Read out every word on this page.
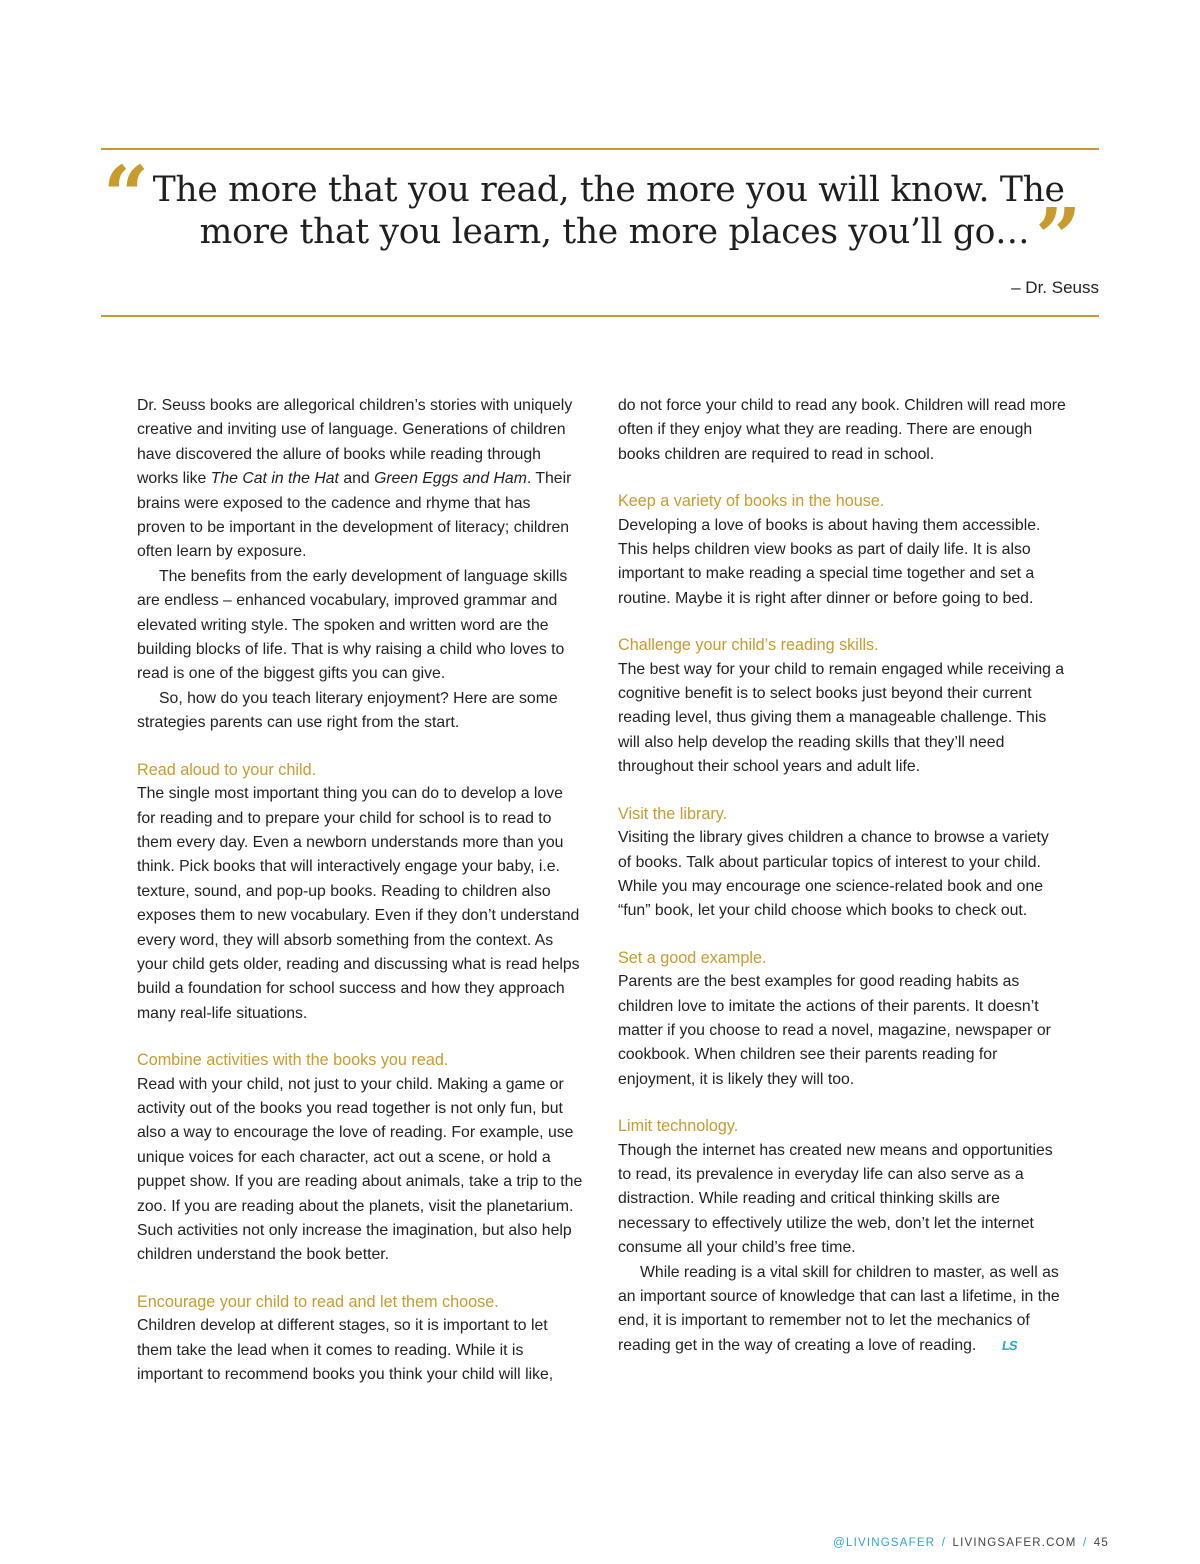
“ The more that you read, the more you will know. The
more that you learn, the more places you’ll go…”
– Dr. Seuss

Dr. Seuss books are allegorical children’s stories with uniquely creative and inviting use of language. Generations of children have discovered the allure of books while reading through works like The Cat in the Hat and Green Eggs and Ham. Their brains were exposed to the cadence and rhyme that has proven to be important in the development of literacy; children often learn by exposure.

The benefits from the early development of language skills are endless – enhanced vocabulary, improved grammar and elevated writing style. The spoken and written word are the building blocks of life. That is why raising a child who loves to read is one of the biggest gifts you can give.

So, how do you teach literary enjoyment? Here are some strategies parents can use right from the start.

Read aloud to your child.

The single most important thing you can do to develop a love for reading and to prepare your child for school is to read to them every day. Even a newborn understands more than you think. Pick books that will interactively engage your baby, i.e. texture, sound, and pop-up books. Reading to children also exposes them to new vocabulary. Even if they don’t understand every word, they will absorb something from the context. As your child gets older, reading and discussing what is read helps build a foundation for school success and how they approach many real-life situations.

Combine activities with the books you read.

Read with your child, not just to your child. Making a game or activity out of the books you read together is not only fun, but also a way to encourage the love of reading. For example, use unique voices for each character, act out a scene, or hold a puppet show. If you are reading about animals, take a trip to the zoo. If you are reading about the planets, visit the planetarium. Such activities not only increase the imagination, but also help children understand the book better.

Encourage your child to read and let them choose.

Children develop at different stages, so it is important to let them take the lead when it comes to reading. While it is important to recommend books you think your child will like,

do not force your child to read any book. Children will read more often if they enjoy what they are reading. There are enough books children are required to read in school.

Keep a variety of books in the house.

Developing a love of books is about having them accessible. This helps children view books as part of daily life. It is also important to make reading a special time together and set a routine. Maybe it is right after dinner or before going to bed.

Challenge your child’s reading skills.

The best way for your child to remain engaged while receiving a cognitive benefit is to select books just beyond their current reading level, thus giving them a manageable challenge. This will also help develop the reading skills that they’ll need throughout their school years and adult life.

Visit the library.

Visiting the library gives children a chance to browse a variety of books. Talk about particular topics of interest to your child. While you may encourage one science-related book and one “fun” book, let your child choose which books to check out.

Set a good example.

Parents are the best examples for good reading habits as children love to imitate the actions of their parents. It doesn’t matter if you choose to read a novel, magazine, newspaper or cookbook. When children see their parents reading for enjoyment, it is likely they will too.

Limit technology.

Though the internet has created new means and opportunities to read, its prevalence in everyday life can also serve as a distraction. While reading and critical thinking skills are necessary to effectively utilize the web, don’t let the internet consume all your child’s free time.

While reading is a vital skill for children to master, as well as an important source of knowledge that can last a lifetime, in the end, it is important to remember not to let the mechanics of reading get in the way of creating a love of reading. LS

@LIVINGSAFER / LIVINGSAFER.COM / 45
